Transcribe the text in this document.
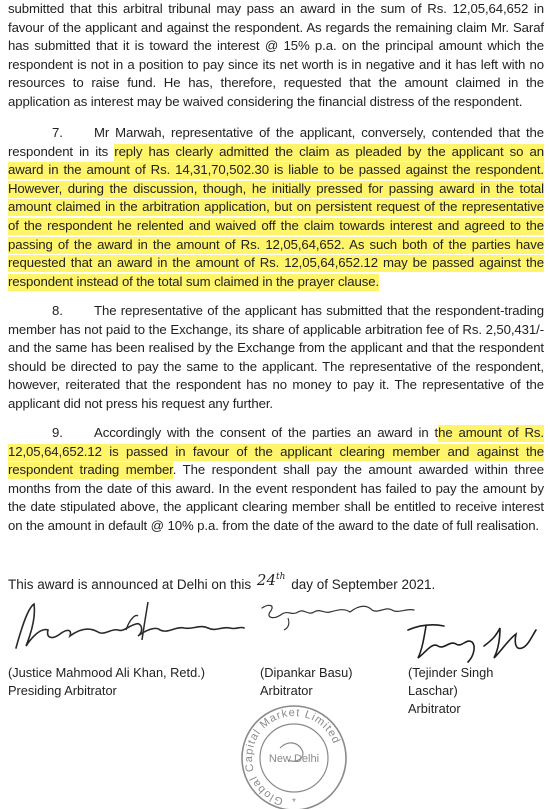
submitted that this arbitral tribunal may pass an award in the sum of Rs. 12,05,64,652 in favour of the applicant and against the respondent. As regards the remaining claim Mr. Saraf has submitted that it is toward the interest @ 15% p.a. on the principal amount which the respondent is not in a position to pay since its net worth is in negative and it has left with no resources to raise fund. He has, therefore, requested that the amount claimed in the application as interest may be waived considering the financial distress of the respondent.

7. Mr Marwah, representative of the applicant, conversely, contended that the respondent in its reply has clearly admitted the claim as pleaded by the applicant so an award in the amount of Rs. 14,31,70,502.30 is liable to be passed against the respondent. However, during the discussion, though, he initially pressed for passing award in the total amount claimed in the arbitration application, but on persistent request of the representative of the respondent he relented and waived off the claim towards interest and agreed to the passing of the award in the amount of Rs. 12,05,64,652. As such both of the parties have requested that an award in the amount of Rs. 12,05,64,652.12 may be passed against the respondent instead of the total sum claimed in the prayer clause.

8. The representative of the applicant has submitted that the respondent-trading member has not paid to the Exchange, its share of applicable arbitration fee of Rs. 2,50,431/- and the same has been realised by the Exchange from the applicant and that the respondent should be directed to pay the same to the applicant. The representative of the respondent, however, reiterated that the respondent has no money to pay it. The representative of the applicant did not press his request any further.

9. Accordingly with the consent of the parties an award in the amount of Rs. 12,05,64,652.12 is passed in favour of the applicant clearing member and against the respondent trading member. The respondent shall pay the amount awarded within three months from the date of this award. In the event respondent has failed to pay the amount by the date stipulated above, the applicant clearing member shall be entitled to receive interest on the amount in default @ 10% p.a. from the date of the award to the date of full realisation.

This award is announced at Delhi on this 24th day of September 2021.
(Justice Mahmood Ali Khan, Retd.)
Presiding Arbitrator
(Dipankar Basu)
Arbitrator
(Tejinder Singh Laschar)
Arbitrator
Global Capital Market Limited
New Delhi
*
